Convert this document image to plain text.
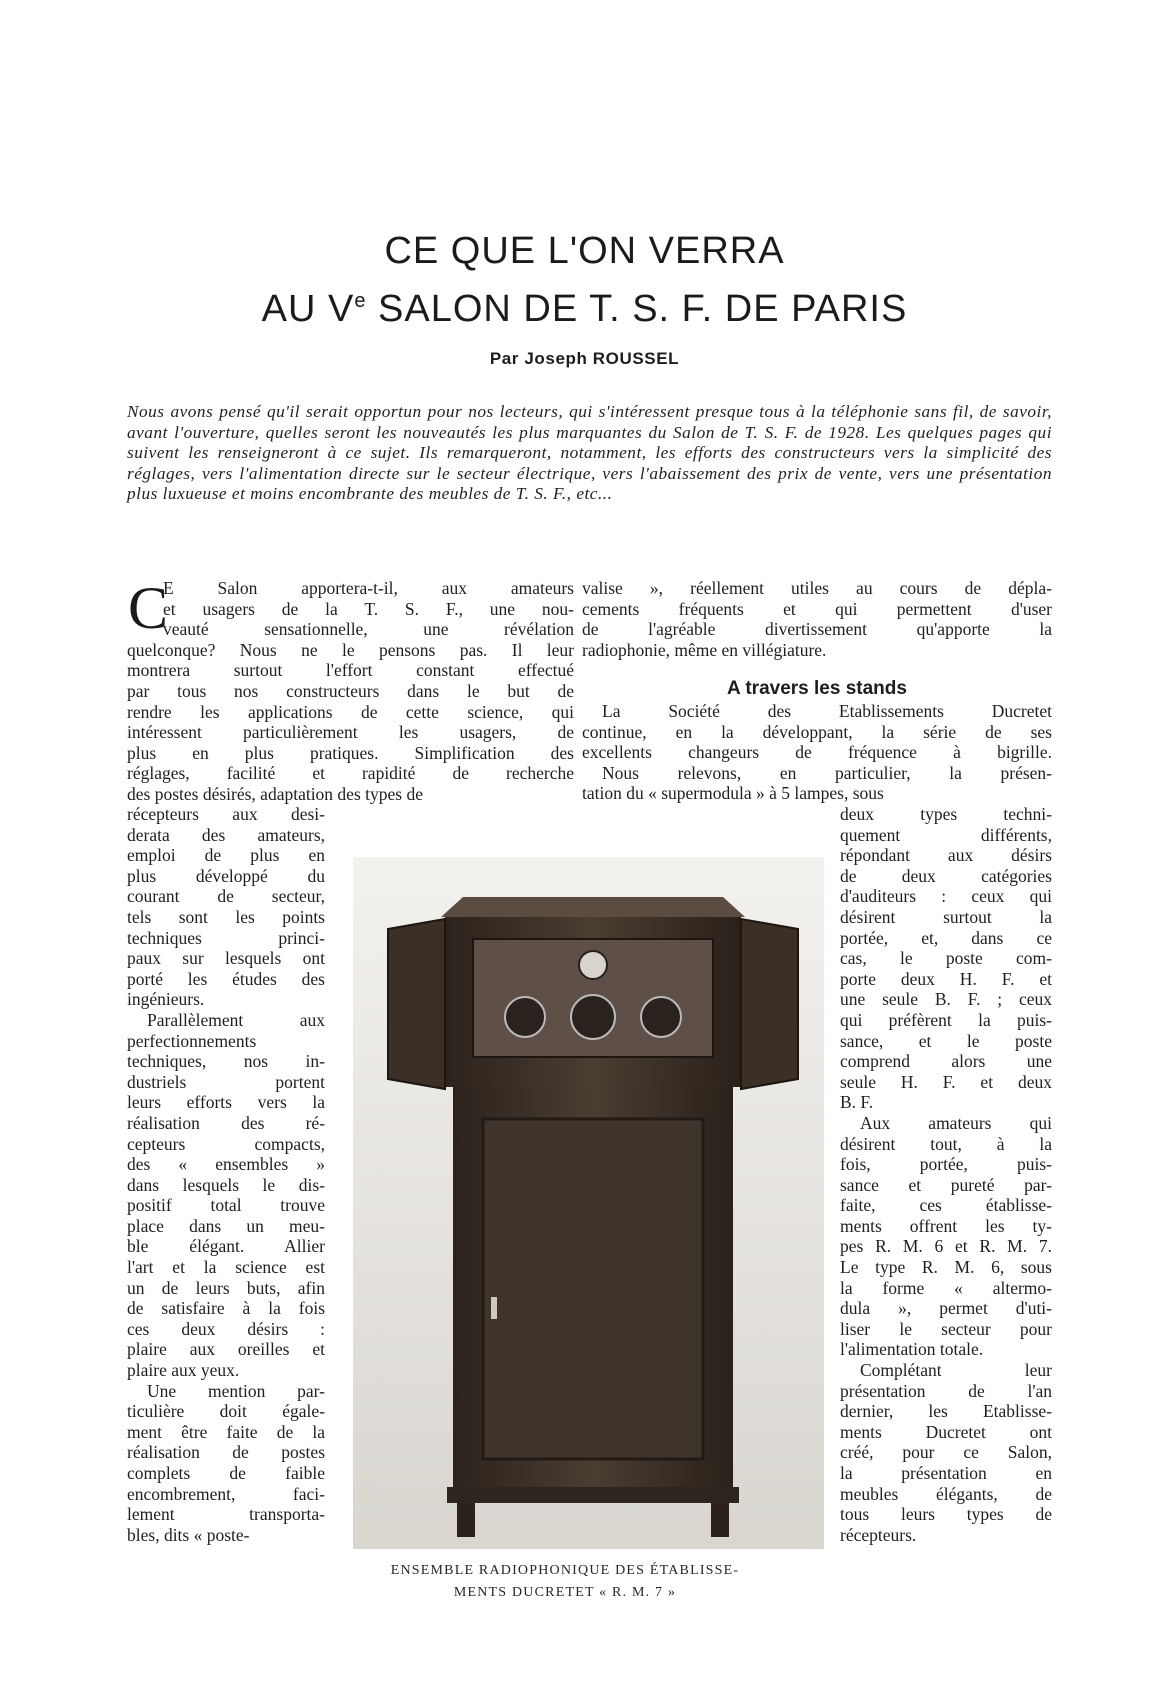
CE QUE L'ON VERRA
AU Ve SALON DE T. S. F. DE PARIS
Par Joseph ROUSSEL
Nous avons pensé qu'il serait opportun pour nos lecteurs, qui s'intéressent presque tous à la téléphonie sans fil, de savoir, avant l'ouverture, quelles seront les nouveautés les plus marquantes du Salon de T. S. F. de 1928. Les quelques pages qui suivent les renseigneront à ce sujet. Ils remarqueront, notamment, les efforts des constructeurs vers la simplicité des réglages, vers l'alimentation directe sur le secteur électrique, vers l'abaissement des prix de vente, vers une présentation plus luxueuse et moins encombrante des meubles de T. S. F., etc...
C
E Salon apportera-t-il, aux amateurs
et usagers de la T. S. F., une nou-
veauté sensationnelle, une révélation
quelconque? Nous ne le pensons pas. Il leur
montrera surtout l'effort constant effectué
par tous nos constructeurs dans le but de
rendre les applications de cette science, qui
intéressent particulièrement les usagers, de
plus en plus pratiques. Simplification des
réglages, facilité et rapidité de recherche
des postes désirés, adaptation des types de
récepteurs aux desi-
derata des amateurs,
emploi de plus en
plus développé du
courant de secteur,
tels sont les points
techniques princi-
paux sur lesquels ont
porté les études des
ingénieurs.
Parallèlement aux
perfectionnements
techniques, nos in-
dustriels portent
leurs efforts vers la
réalisation des ré-
cepteurs compacts,
des « ensembles »
dans lesquels le dis-
positif total trouve
place dans un meu-
ble élégant. Allier
l'art et la science est
un de leurs buts, afin
de satisfaire à la fois
ces deux désirs :
plaire aux oreilles et
plaire aux yeux.
Une mention par-
ticulière doit égale-
ment être faite de la
réalisation de postes
complets de faible
encombrement, faci-
lement transporta-
bles, dits « poste-
valise », réellement utiles au cours de dépla-
cements fréquents et qui permettent d'user
de l'agréable divertissement qu'apporte la
radiophonie, même en villégiature.
A travers les stands
La Société des Etablissements Ducretet
continue, en la développant, la série de ses
excellents changeurs de fréquence à bigrille.
Nous relevons, en particulier, la présen-
tation du « supermodula » à 5 lampes, sous
deux types techni-
quement différents,
répondant aux désirs
de deux catégories
d'auditeurs : ceux qui
désirent surtout la
portée, et, dans ce
cas, le poste com-
porte deux H. F. et
une seule B. F. ; ceux
qui préfèrent la puis-
sance, et le poste
comprend alors une
seule H. F. et deux
B. F.
Aux amateurs qui
désirent tout, à la
fois, portée, puis-
sance et pureté par-
faite, ces établisse-
ments offrent les ty-
pes R. M. 6 et R. M. 7.
Le type R. M. 6, sous
la forme « altermo-
dula », permet d'uti-
liser le secteur pour
l'alimentation totale.
Complétant leur
présentation de l'an
dernier, les Etablisse-
ments Ducretet ont
créé, pour ce Salon,
la présentation en
meubles élégants, de
tous leurs types de
récepteurs.
ENSEMBLE RADIOPHONIQUE DES ÉTABLISSE-
MENTS DUCRETET « R. M. 7 »
